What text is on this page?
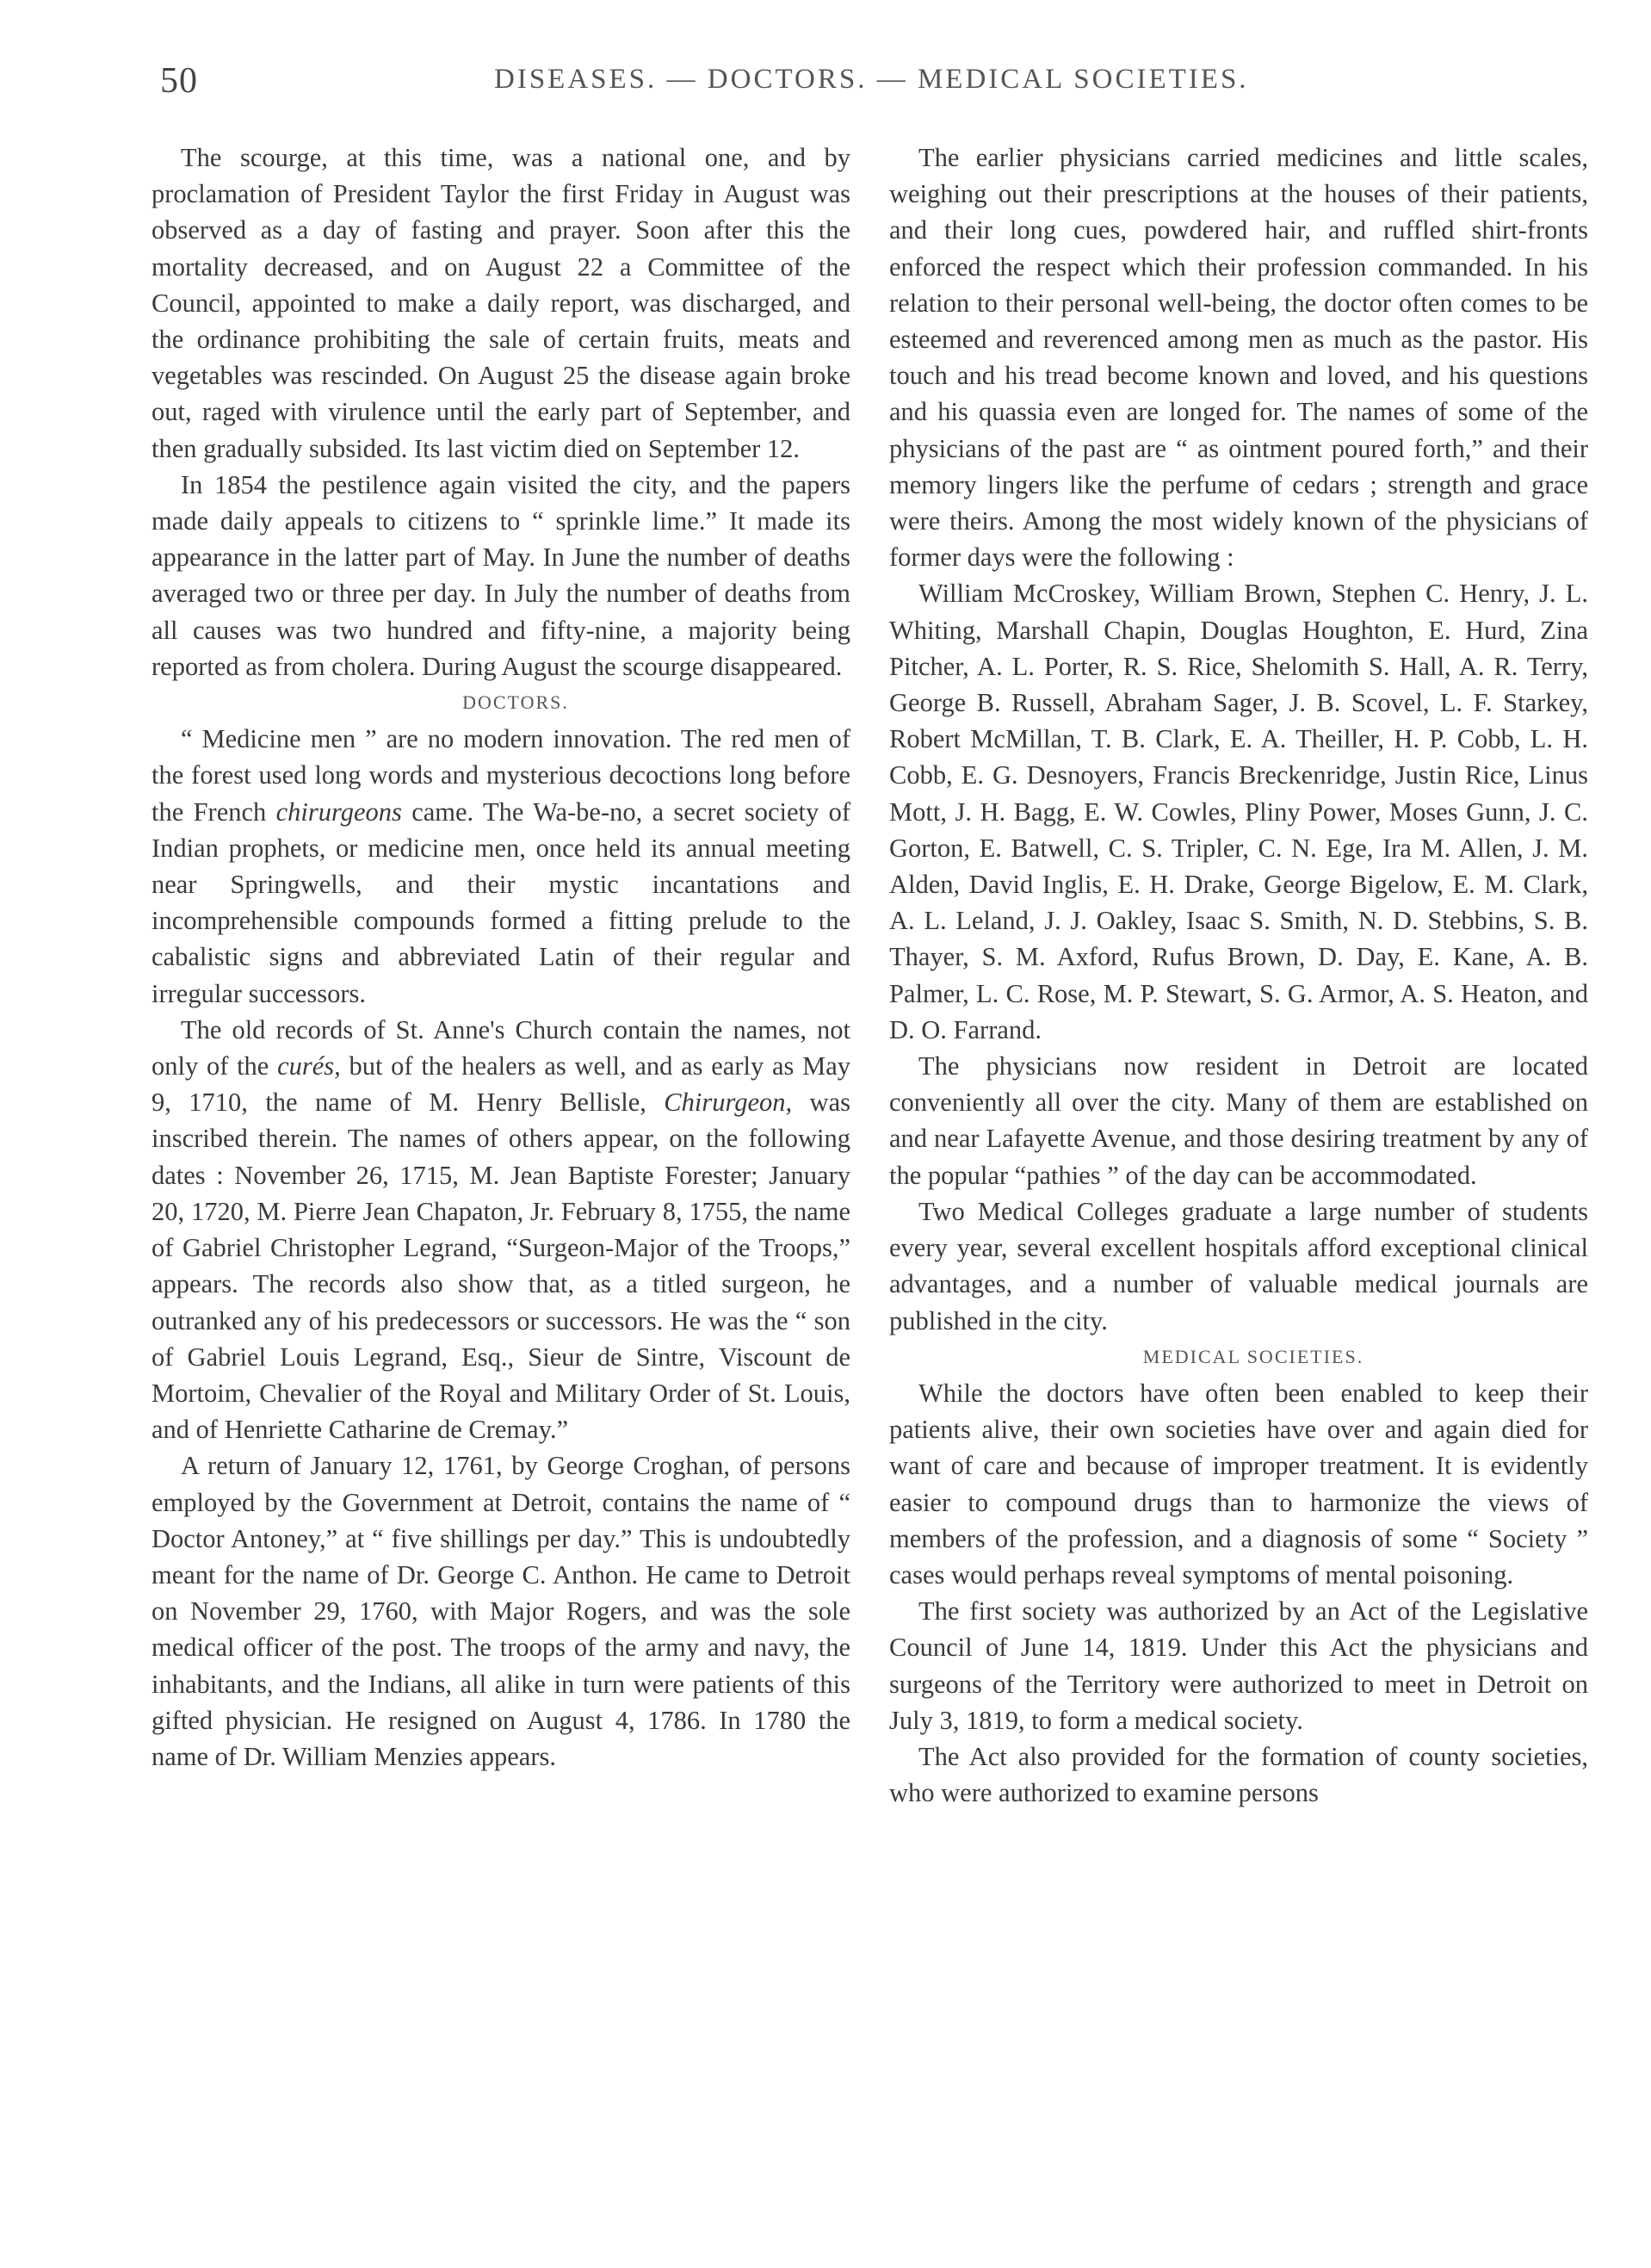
50	DISEASES. — DOCTORS. — MEDICAL SOCIETIES.

The scourge, at this time, was a national one, and by proclamation of President Taylor the first Friday in August was observed as a day of fasting and prayer. Soon after this the mortality decreased, and on August 22 a Committee of the Council, appointed to make a daily report, was discharged, and the ordinance prohibiting the sale of certain fruits, meats and vegetables was rescinded. On August 25 the disease again broke out, raged with virulence until the early part of September, and then gradually subsided. Its last victim died on September 12.

In 1854 the pestilence again visited the city, and the papers made daily appeals to citizens to “ sprinkle lime.” It made its appearance in the latter part of May. In June the number of deaths averaged two or three per day. In July the number of deaths from all causes was two hundred and fifty-nine, a majority being reported as from cholera. During August the scourge disappeared.

DOCTORS.

“ Medicine men ” are no modern innovation. The red men of the forest used long words and mysterious decoctions long before the French chirurgeons came. The Wa-be-no, a secret society of Indian prophets, or medicine men, once held its annual meeting near Springwells, and their mystic incantations and incomprehensible compounds formed a fitting prelude to the cabalistic signs and abbreviated Latin of their regular and irregular successors.

The old records of St. Anne's Church contain the names, not only of the curés, but of the healers as well, and as early as May 9, 1710, the name of M. Henry Bellisle, Chirurgeon, was inscribed therein. The names of others appear, on the following dates : November 26, 1715, M. Jean Baptiste Forester; January 20, 1720, M. Pierre Jean Chapaton, Jr. February 8, 1755, the name of Gabriel Christopher Legrand, “Surgeon-Major of the Troops,” appears. The records also show that, as a titled surgeon, he outranked any of his predecessors or successors. He was the “ son of Gabriel Louis Legrand, Esq., Sieur de Sintre, Viscount de Mortoim, Chevalier of the Royal and Military Order of St. Louis, and of Henriette Catharine de Cremay.”

A return of January 12, 1761, by George Croghan, of persons employed by the Government at Detroit, contains the name of “ Doctor Antoney,” at “ five shillings per day.” This is undoubtedly meant for the name of Dr. George C. Anthon. He came to Detroit on November 29, 1760, with Major Rogers, and was the sole medical officer of the post. The troops of the army and navy, the inhabitants, and the Indians, all alike in turn were patients of this gifted physician. He resigned on August 4, 1786. In 1780 the name of Dr. William Menzies appears.

The earlier physicians carried medicines and little scales, weighing out their prescriptions at the houses of their patients, and their long cues, powdered hair, and ruffled shirt-fronts enforced the respect which their profession commanded. In his relation to their personal well-being, the doctor often comes to be esteemed and reverenced among men as much as the pastor. His touch and his tread become known and loved, and his questions and his quassia even are longed for. The names of some of the physicians of the past are “ as ointment poured forth,” and their memory lingers like the perfume of cedars ; strength and grace were theirs. Among the most widely known of the physicians of former days were the following :

William McCroskey, William Brown, Stephen C. Henry, J. L. Whiting, Marshall Chapin, Douglas Houghton, E. Hurd, Zina Pitcher, A. L. Porter, R. S. Rice, Shelomith S. Hall, A. R. Terry, George B. Russell, Abraham Sager, J. B. Scovel, L. F. Starkey, Robert McMillan, T. B. Clark, E. A. Theiller, H. P. Cobb, L. H. Cobb, E. G. Desnoyers, Francis Breckenridge, Justin Rice, Linus Mott, J. H. Bagg, E. W. Cowles, Pliny Power, Moses Gunn, J. C. Gorton, E. Batwell, C. S. Tripler, C. N. Ege, Ira M. Allen, J. M. Alden, David Inglis, E. H. Drake, George Bigelow, E. M. Clark, A. L. Leland, J. J. Oakley, Isaac S. Smith, N. D. Stebbins, S. B. Thayer, S. M. Axford, Rufus Brown, D. Day, E. Kane, A. B. Palmer, L. C. Rose, M. P. Stewart, S. G. Armor, A. S. Heaton, and D. O. Farrand.

The physicians now resident in Detroit are located conveniently all over the city. Many of them are established on and near Lafayette Avenue, and those desiring treatment by any of the popular “pathies ” of the day can be accommodated.

Two Medical Colleges graduate a large number of students every year, several excellent hospitals afford exceptional clinical advantages, and a number of valuable medical journals are published in the city.

MEDICAL SOCIETIES.

While the doctors have often been enabled to keep their patients alive, their own societies have over and again died for want of care and because of improper treatment. It is evidently easier to compound drugs than to harmonize the views of members of the profession, and a diagnosis of some “ Society ” cases would perhaps reveal symptoms of mental poisoning.

The first society was authorized by an Act of the Legislative Council of June 14, 1819. Under this Act the physicians and surgeons of the Territory were authorized to meet in Detroit on July 3, 1819, to form a medical society.

The Act also provided for the formation of county societies, who were authorized to examine persons
